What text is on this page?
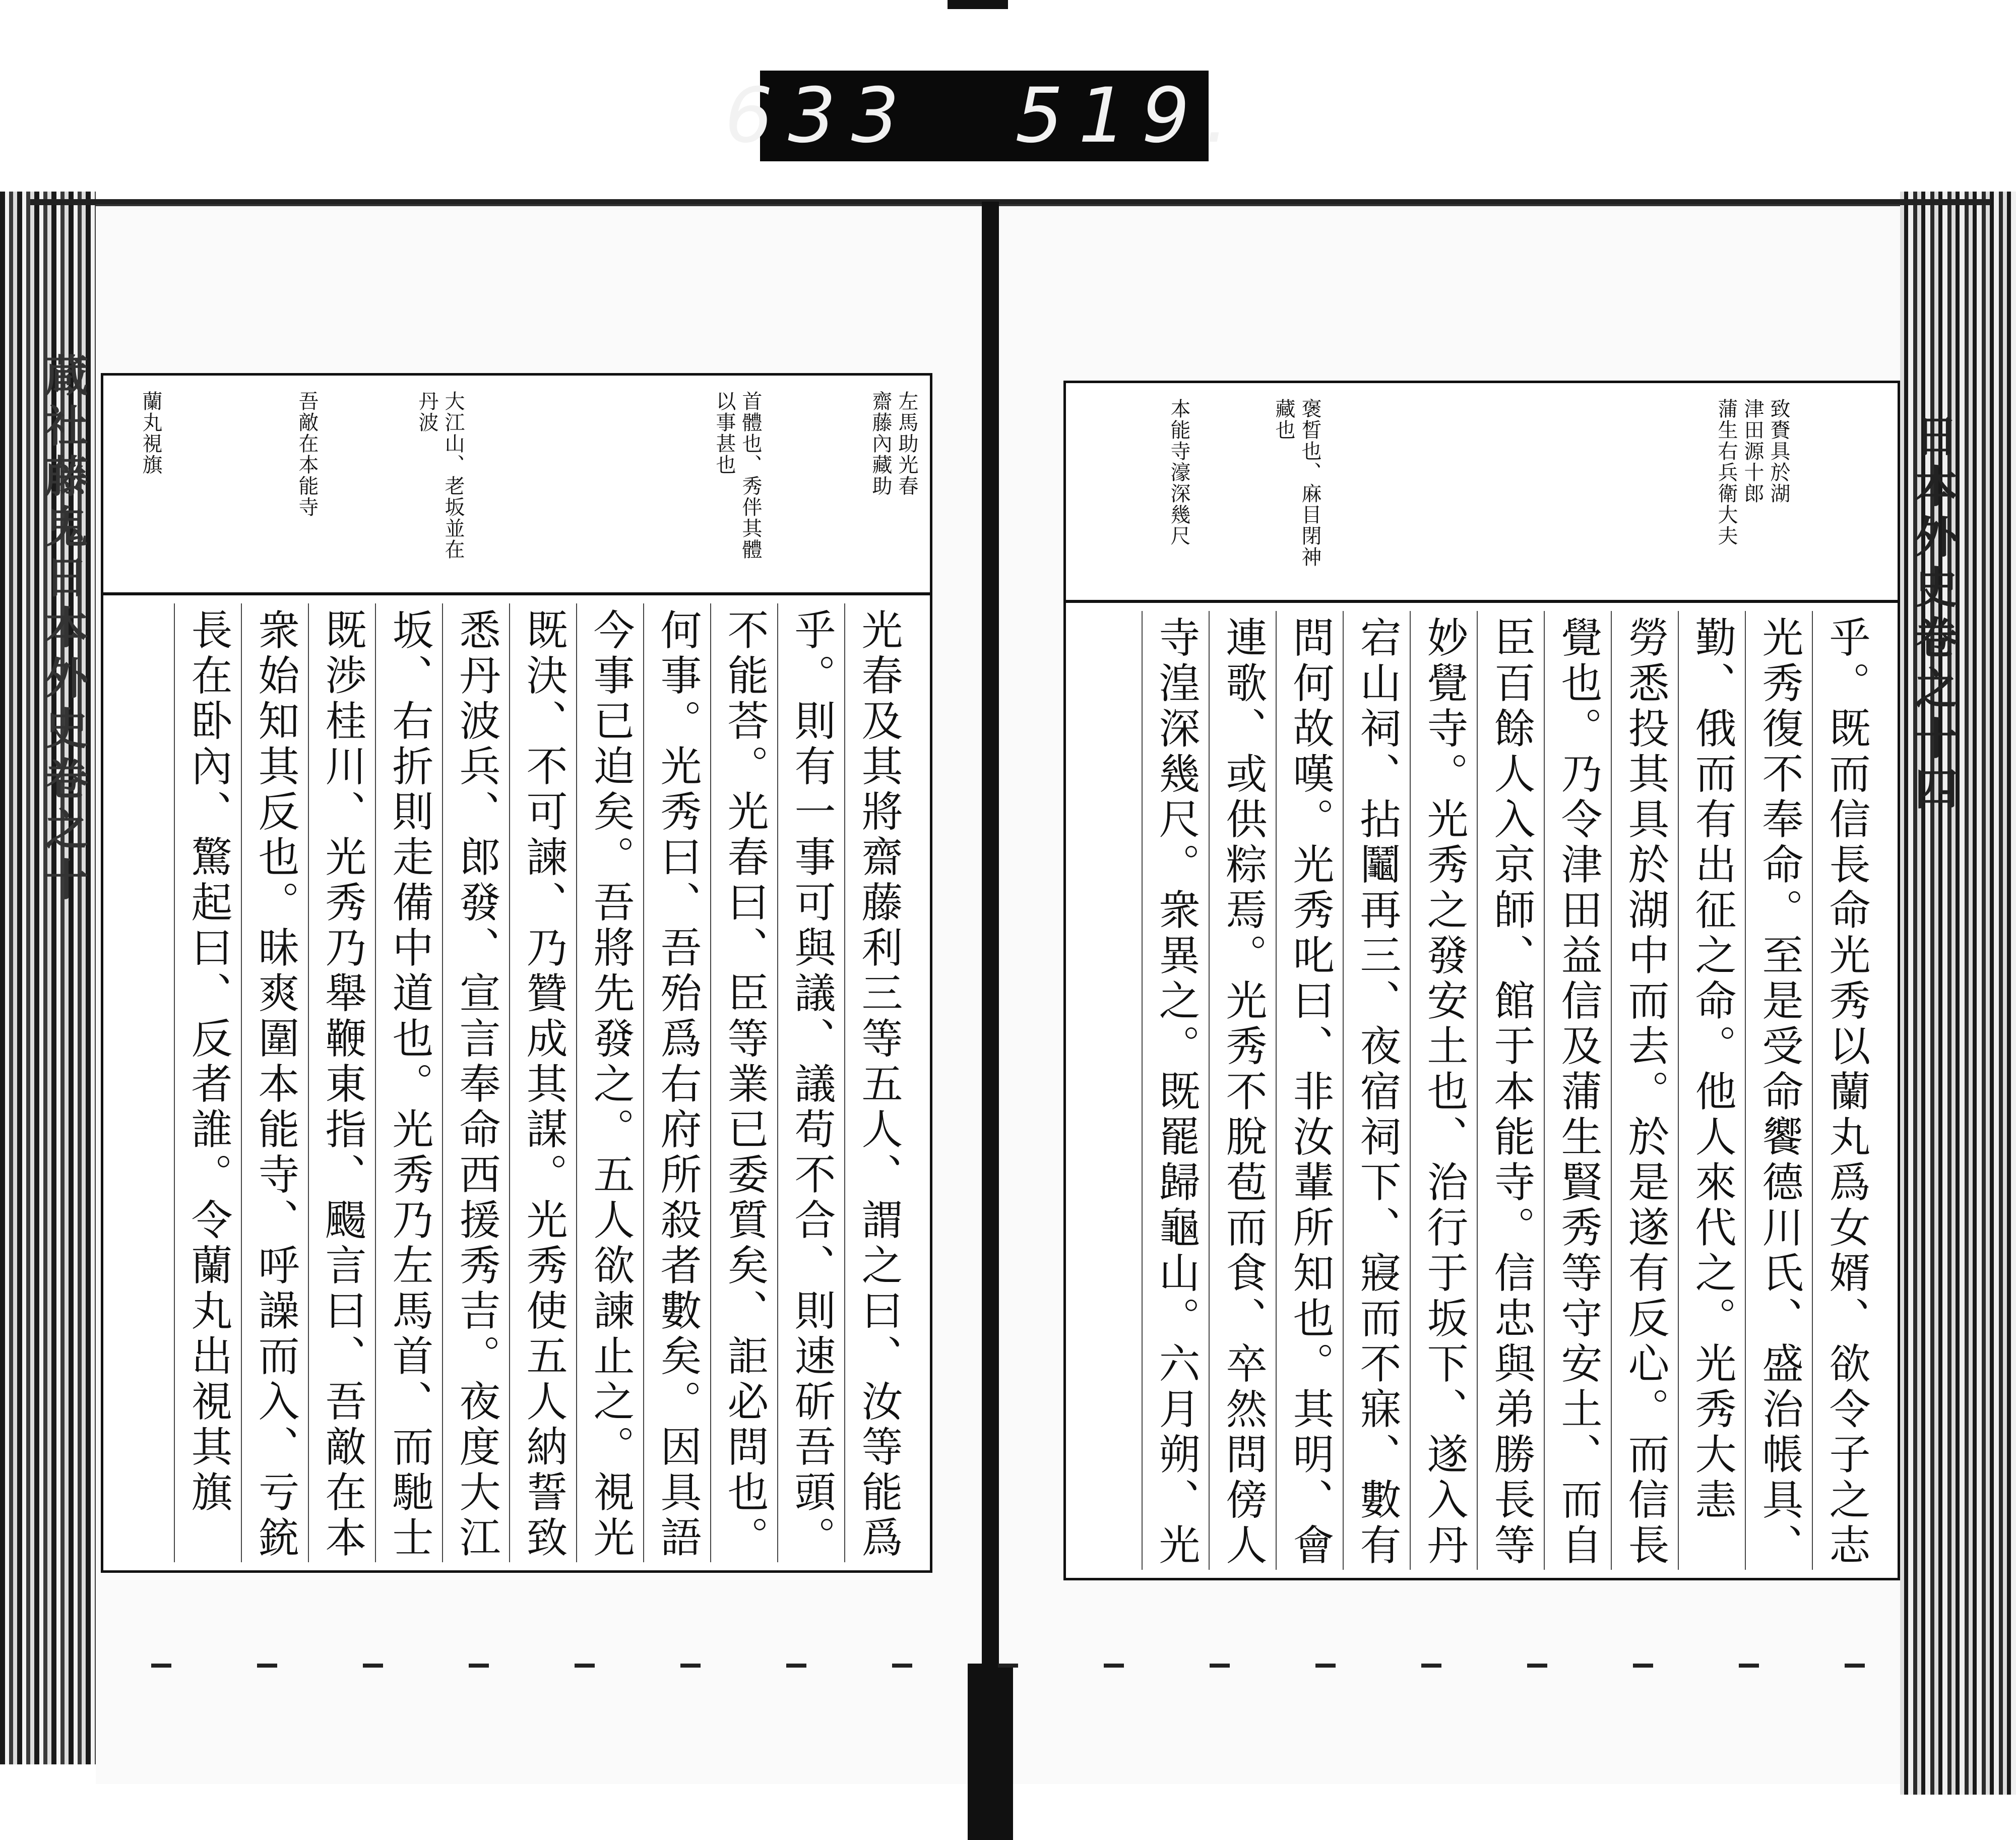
633 519.
蔵社藤鬼日本外史卷之十	日本外史卷之十四
左馬助光春
齋藤內藏助
首體也、秀伴其體
以事甚也
大江山、老坂並在
丹波
吾敵在本能寺
蘭丸視旗
光春及其將齋藤利三等五人、謂之曰、汝等能爲
乎。則有一事可與議、議苟不合、則速斫吾頭。
不能荅。光春曰、臣等業已委質矣、詎必問也。
何事。光秀曰、吾殆爲右府所殺者數矣。因具語
今事已迫矣。吾將先發之。五人欲諫止之。視光
既決、不可諫、乃贊成其謀。光秀使五人納誓致
悉丹波兵、郎發、宣言奉命西援秀吉。夜度大江
坂、右折則走備中道也。光秀乃左馬首、而馳士
既渉桂川、光秀乃舉鞭東指、颺言曰、吾敵在本
衆始知其反也。昧爽圍本能寺、呼譟而入、亏銃
長在卧內、驚起曰、反者誰。令蘭丸出視其旗
致賚具於湖
津田源十郎
蒲生右兵衛大夫
褒晳也、麻目閉神
藏也
本能寺濠深幾尺
乎。既而信長命光秀以蘭丸爲女婿、欲令子之志
光秀復不奉命。至是受命饗德川氏、盛治帳具、
勤、俄而有出征之命。他人來代之。光秀大恚
勞悉投其具於湖中而去。於是遂有反心。而信長
覺也。乃令津田益信及蒲生賢秀等守安土、而自
臣百餘人入京師、館于本能寺。信忠與弟勝長等
妙覺寺。光秀之發安土也、治行于坂下、遂入丹
宕山祠、拈鬮再三、夜宿祠下、寢而不寐、數有
問何故嘆。光秀叱曰、非汝輩所知也。其明、會
連歌、或供粽焉。光秀不脫苞而食、卒然問傍人
寺湟深幾尺。衆異之。既罷歸龜山。六月朔、光
